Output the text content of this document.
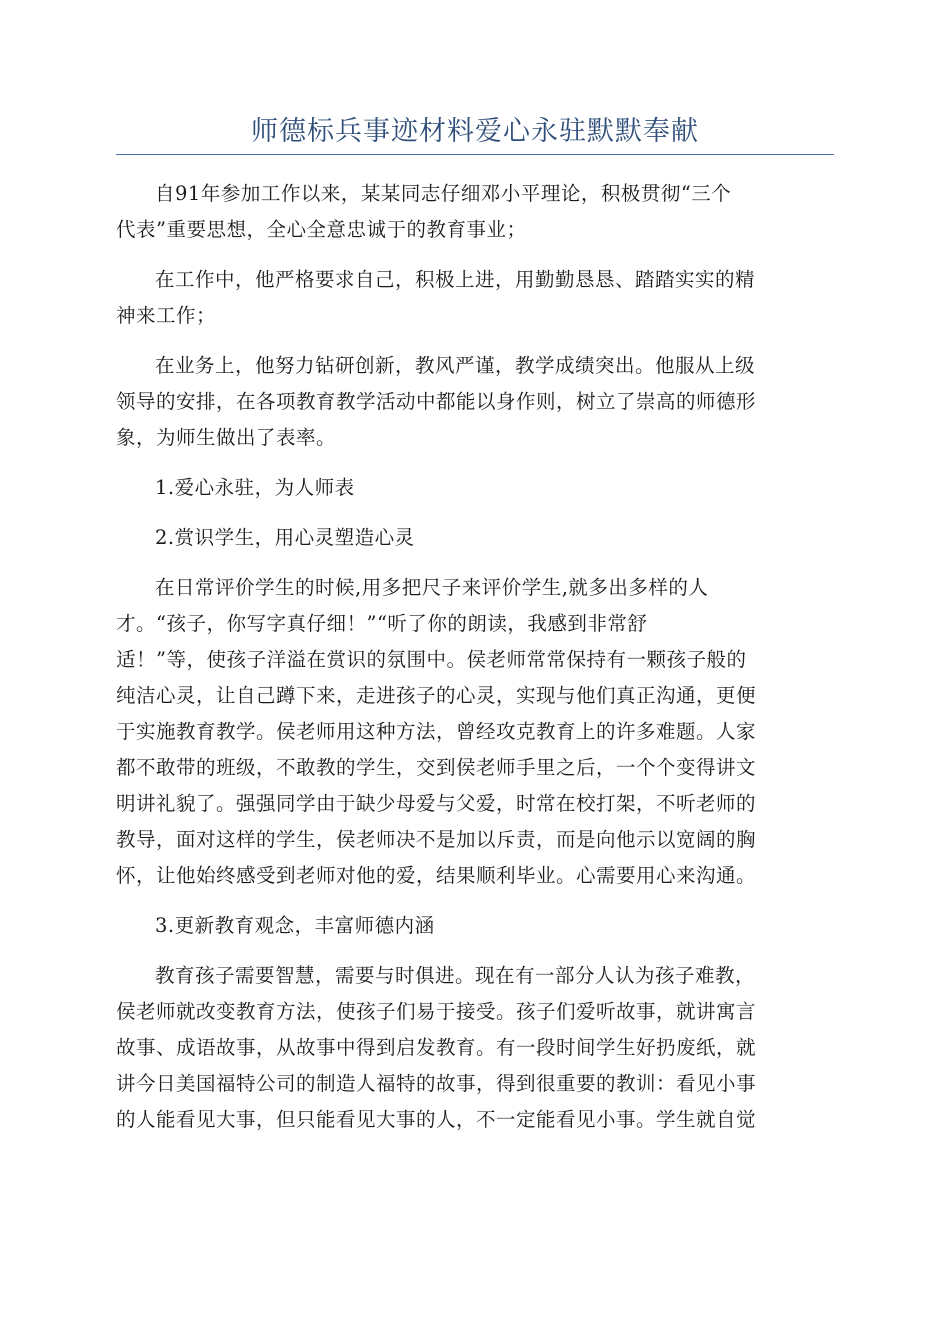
师德标兵事迹材料爱心永驻默默奉献
自91年参加工作以来，某某同志仔细邓小平理论，积极贯彻“三个
代表”重要思想，全心全意忠诚于的教育事业；
在工作中，他严格要求自己，积极上进，用勤勤恳恳、踏踏实实的精
神来工作；
在业务上，他努力钻研创新，教风严谨，教学成绩突出。他服从上级
领导的安排，在各项教育教学活动中都能以身作则，树立了崇高的师德形
象，为师生做出了表率。
1.爱心永驻，为人师表
2.赏识学生，用心灵塑造心灵
在日常评价学生的时候,用多把尺子来评价学生,就多出多样的人
才。“孩子，你写字真仔细！”“听了你的朗读，我感到非常舒
适！”等，使孩子洋溢在赏识的氛围中。侯老师常常保持有一颗孩子般的
纯洁心灵，让自己蹲下来，走进孩子的心灵，实现与他们真正沟通，更便
于实施教育教学。侯老师用这种方法，曾经攻克教育上的许多难题。人家
都不敢带的班级，不敢教的学生，交到侯老师手里之后，一个个变得讲文
明讲礼貌了。强强同学由于缺少母爱与父爱，时常在校打架，不听老师的
教导，面对这样的学生，侯老师决不是加以斥责，而是向他示以宽阔的胸
怀，让他始终感受到老师对他的爱，结果顺利毕业。心需要用心来沟通。
3.更新教育观念，丰富师德内涵
教育孩子需要智慧，需要与时俱进。现在有一部分人认为孩子难教，
侯老师就改变教育方法，使孩子们易于接受。孩子们爱听故事，就讲寓言
故事、成语故事，从故事中得到启发教育。有一段时间学生好扔废纸，就
讲今日美国福特公司的制造人福特的故事，得到很重要的教训：看见小事
的人能看见大事，但只能看见大事的人，不一定能看见小事。学生就自觉
